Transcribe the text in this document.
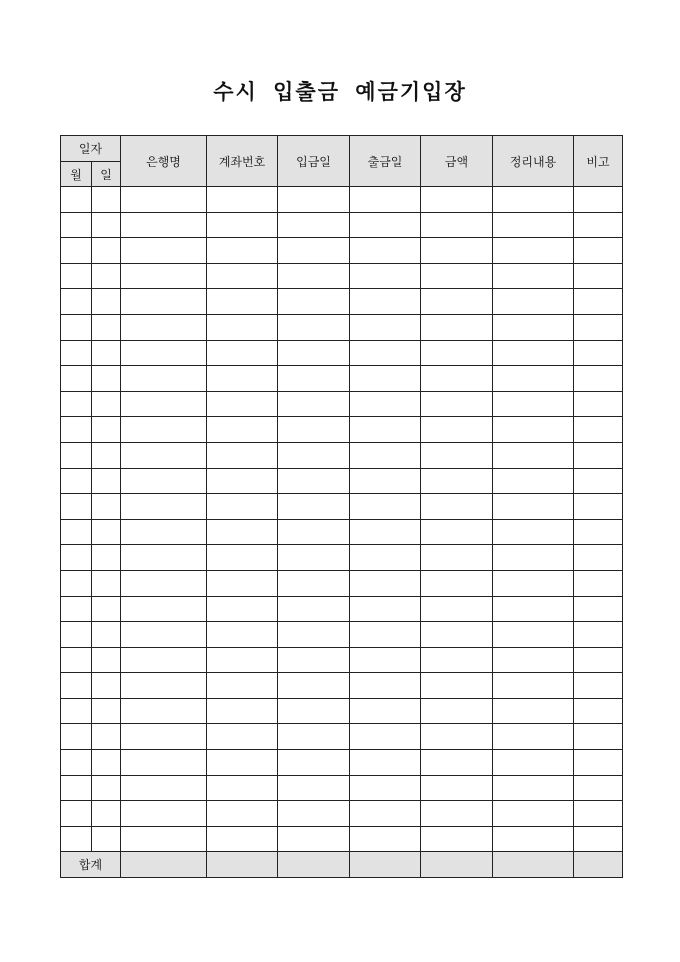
수시 입출금 예금기입장
일자		은행명	계좌번호	입금일	출금일	금액	정리내용	비고
월	일							

합계								
